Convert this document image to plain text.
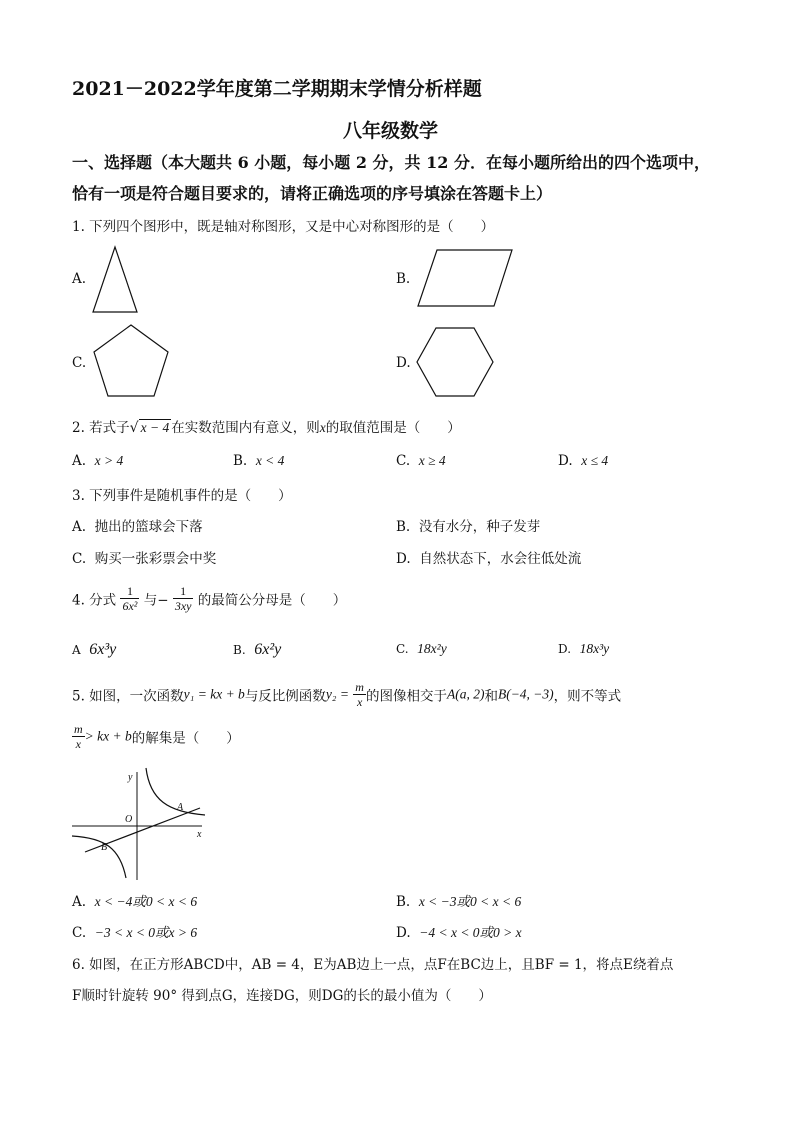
2021－2022学年度第二学期期末学情分析样题
八年级数学
一、选择题（本大题共 6 小题，每小题 2 分，共 12 分．在每小题所给出的四个选项中，
恰有一项是符合题目要求的，请将正确选项的序号填涂在答题卡上）
1. 下列四个图形中，既是轴对称图形，又是中心对称图形的是（　　）
A.	B.
C.	D.
2. 若式子√ x − 4 在实数范围内有意义，则x的取值范围是（　　）
A. x > 4	B. x < 4	C. x ≥ 4	D. x ≤ 4
3. 下列事件是随机事件的是（　　）
A. 抛出的篮球会下落	B. 没有水分，种子发芽
C. 购买一张彩票会中奖	D. 自然状态下，水会往低处流
4. 分式 $\frac{1}{\text{6x²}}$ 与− $\frac{1}{3xy}$ 的最简公分母是（　　）
A 6x³y	B. 6x²y	C. 18x²y	D. 18x³y
5. 如图，一次函数y₁ = kx + b与反比例函数$y_2 = \frac{m}{x}$ 的图像相交于A(a, 2)和B(−4, −3)，则不等式
$\frac{m}{x}$ > kx + b的解集是（　　）
y
x
O
A
B
A. x < −4或0 < x < 6	B. x < −3或0 < x < 6
C. −3 < x < 0或x > 6	D. −4 < x < 0或0 > x
6. 如图，在正方形ABCD中，AB = 4，E为AB边上一点，点F在BC边上，且BF = 1，将点E绕着点
F顺时针旋转 90° 得到点G，连接DG，则DG的长的最小值为（　　）
